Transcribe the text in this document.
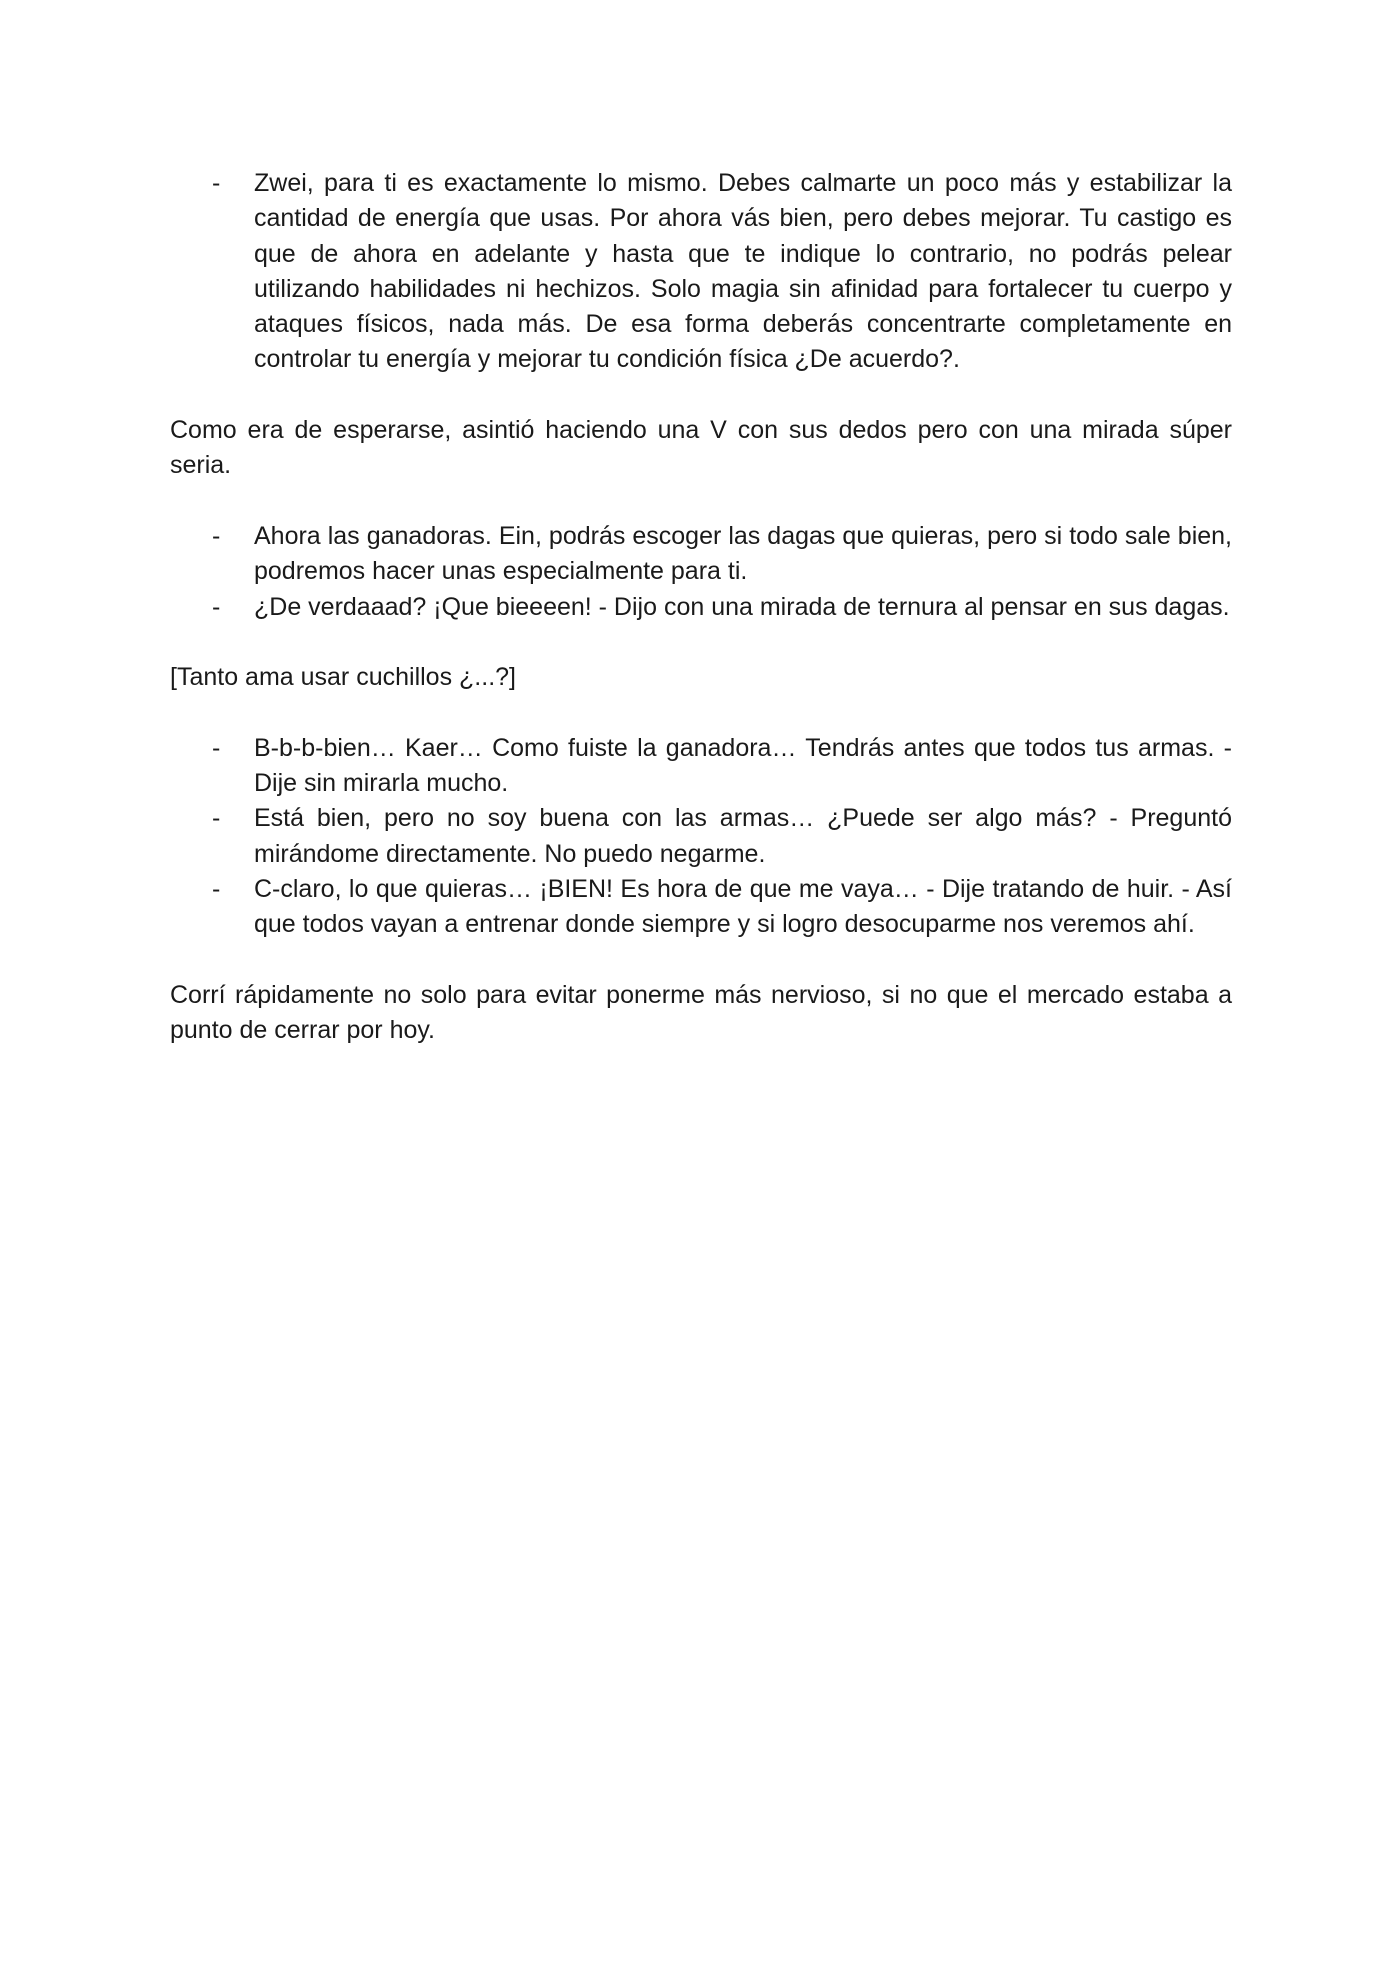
- Zwei, para ti es exactamente lo mismo. Debes calmarte un poco más y estabilizar la cantidad de energía que usas. Por ahora vás bien, pero debes mejorar. Tu castigo es que de ahora en adelante y hasta que te indique lo contrario, no podrás pelear utilizando habilidades ni hechizos. Solo magia sin afinidad para fortalecer tu cuerpo y ataques físicos, nada más. De esa forma deberás concentrarte completamente en controlar tu energía y mejorar tu condición física ¿De acuerdo?.

Como era de esperarse, asintió haciendo una V con sus dedos pero con una mirada súper seria.

- Ahora las ganadoras. Ein, podrás escoger las dagas que quieras, pero si todo sale bien, podremos hacer unas especialmente para ti.
- ¿De verdaaad? ¡Que bieeeen! - Dijo con una mirada de ternura al pensar en sus dagas.

[Tanto ama usar cuchillos ¿...?]

- B-b-b-bien… Kaer… Como fuiste la ganadora… Tendrás antes que todos tus armas. - Dije sin mirarla mucho.
- Está bien, pero no soy buena con las armas… ¿Puede ser algo más? - Preguntó mirándome directamente. No puedo negarme.
- C-claro, lo que quieras… ¡BIEN! Es hora de que me vaya… - Dije tratando de huir. - Así que todos vayan a entrenar donde siempre y si logro desocuparme nos veremos ahí.

Corrí rápidamente no solo para evitar ponerme más nervioso, si no que el mercado estaba a punto de cerrar por hoy.
